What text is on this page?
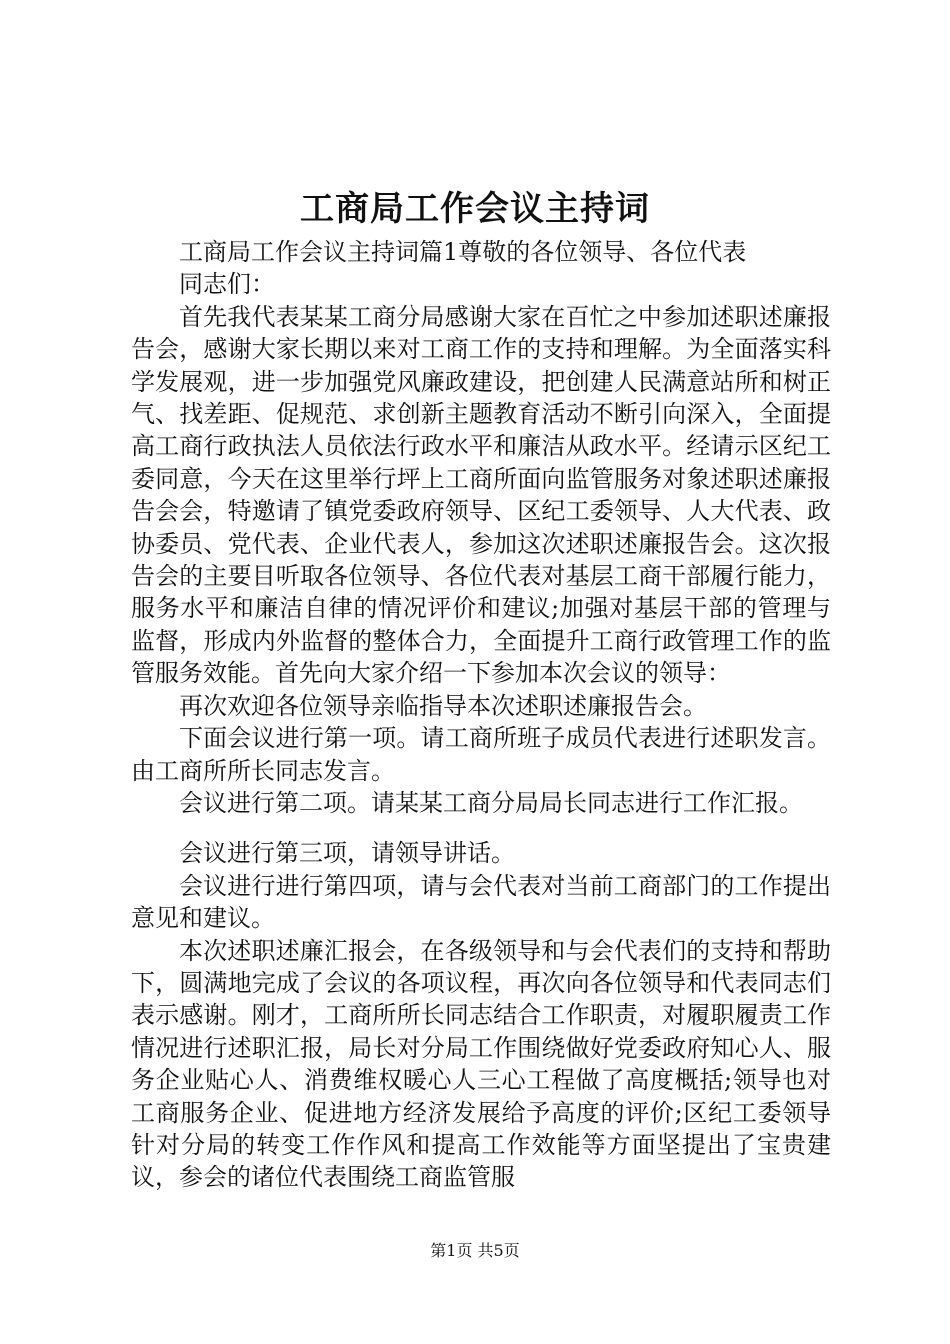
工商局工作会议主持词

工商局工作会议主持词篇1尊敬的各位领导、各位代表

同志们：

首先我代表某某工商分局感谢大家在百忙之中参加述职述廉报告会，感谢大家长期以来对工商工作的支持和理解。为全面落实科学发展观，进一步加强党风廉政建设，把创建人民满意站所和树正气、找差距、促规范、求创新主题教育活动不断引向深入，全面提高工商行政执法人员依法行政水平和廉洁从政水平。经请示区纪工委同意，今天在这里举行坪上工商所面向监管服务对象述职述廉报告会会，特邀请了镇党委政府领导、区纪工委领导、人大代表、政协委员、党代表、企业代表人，参加这次述职述廉报告会。这次报告会的主要目听取各位领导、各位代表对基层工商干部履行能力，服务水平和廉洁自律的情况评价和建议;加强对基层干部的管理与监督，形成内外监督的整体合力，全面提升工商行政管理工作的监管服务效能。首先向大家介绍一下参加本次会议的领导：

再次欢迎各位领导亲临指导本次述职述廉报告会。

下面会议进行第一项。请工商所班子成员代表进行述职发言。由工商所所长同志发言。

会议进行第二项。请某某工商分局局长同志进行工作汇报。

会议进行第三项，请领导讲话。

会议进行进行第四项，请与会代表对当前工商部门的工作提出意见和建议。

本次述职述廉汇报会，在各级领导和与会代表们的支持和帮助下，圆满地完成了会议的各项议程，再次向各位领导和代表同志们表示感谢。刚才，工商所所长同志结合工作职责，对履职履责工作情况进行述职汇报，局长对分局工作围绕做好党委政府知心人、服务企业贴心人、消费维权暖心人三心工程做了高度概括;领导也对工商服务企业、促进地方经济发展给予高度的评价;区纪工委领导针对分局的转变工作作风和提高工作效能等方面坚提出了宝贵建议，参会的诸位代表围绕工商监管服

第1页 共5页
